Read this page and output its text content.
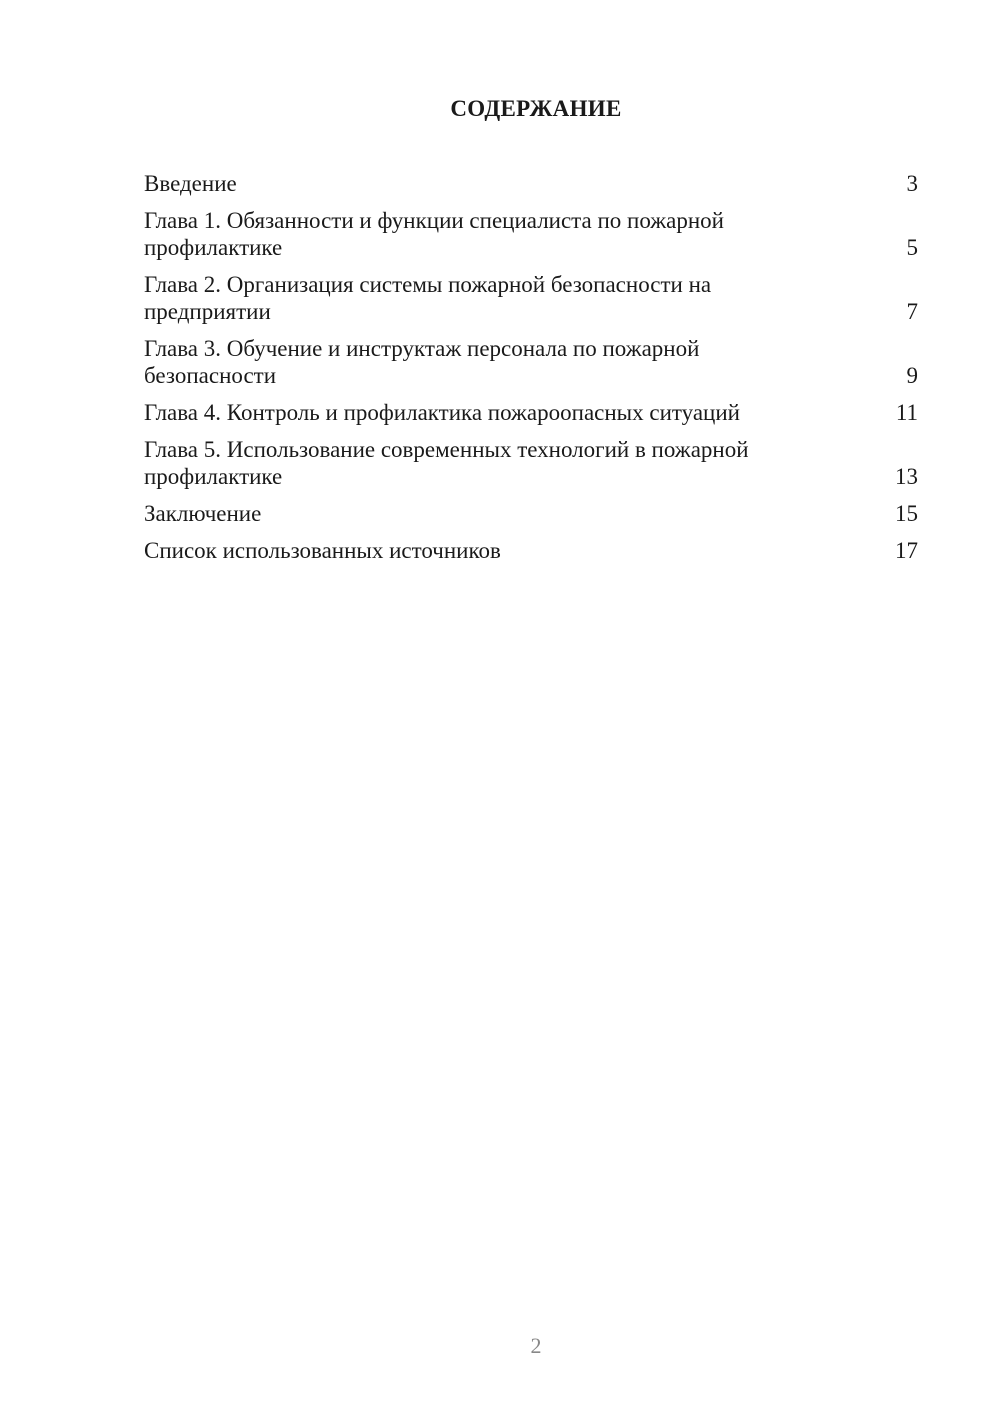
СОДЕРЖАНИЕ
Введение	3
Глава 1. Обязанности и функции специалиста по пожарной
профилактике	5
Глава 2. Организация системы пожарной безопасности на
предприятии	7
Глава 3. Обучение и инструктаж персонала по пожарной
безопасности	9
Глава 4. Контроль и профилактика пожароопасных ситуаций	11
Глава 5. Использование современных технологий в пожарной
профилактике	13
Заключение	15
Список использованных источников	17
2
